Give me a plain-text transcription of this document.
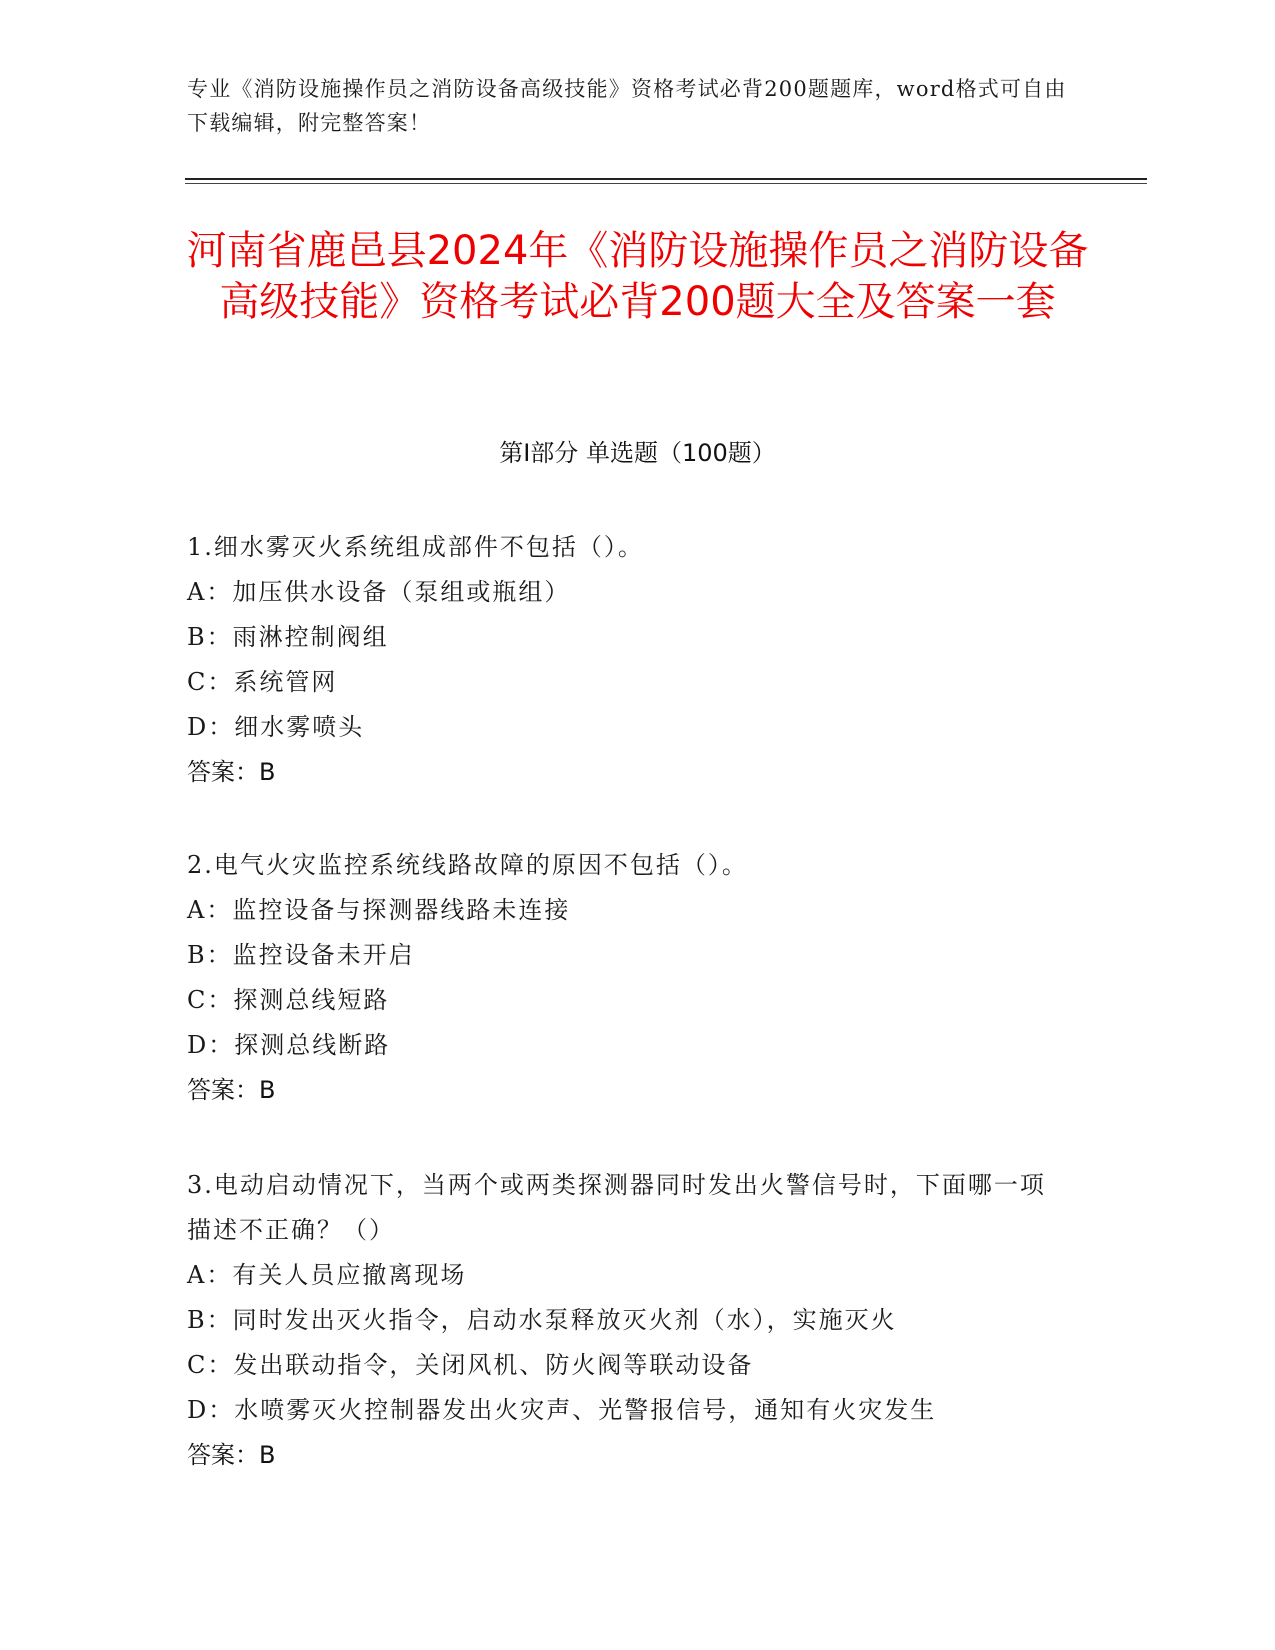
专业《消防设施操作员之消防设备高级技能》资格考试必背200题题库，word格式可自由下载编辑，附完整答案！
河南省鹿邑县2024年《消防设施操作员之消防设备高级技能》资格考试必背200题大全及答案一套
第I部分 单选题（100题）
1.细水雾灭火系统组成部件不包括（）。
A：加压供水设备（泵组或瓶组）
B：雨淋控制阀组
C：系统管网
D：细水雾喷头
答案：B
2.电气火灾监控系统线路故障的原因不包括（）。
A：监控设备与探测器线路未连接
B：监控设备未开启
C：探测总线短路
D：探测总线断路
答案：B
3.电动启动情况下，当两个或两类探测器同时发出火警信号时，下面哪一项描述不正确？（）
A：有关人员应撤离现场
B：同时发出灭火指令，启动水泵释放灭火剂（水），实施灭火
C：发出联动指令，关闭风机、防火阀等联动设备
D：水喷雾灭火控制器发出火灾声、光警报信号，通知有火灾发生
答案：B
